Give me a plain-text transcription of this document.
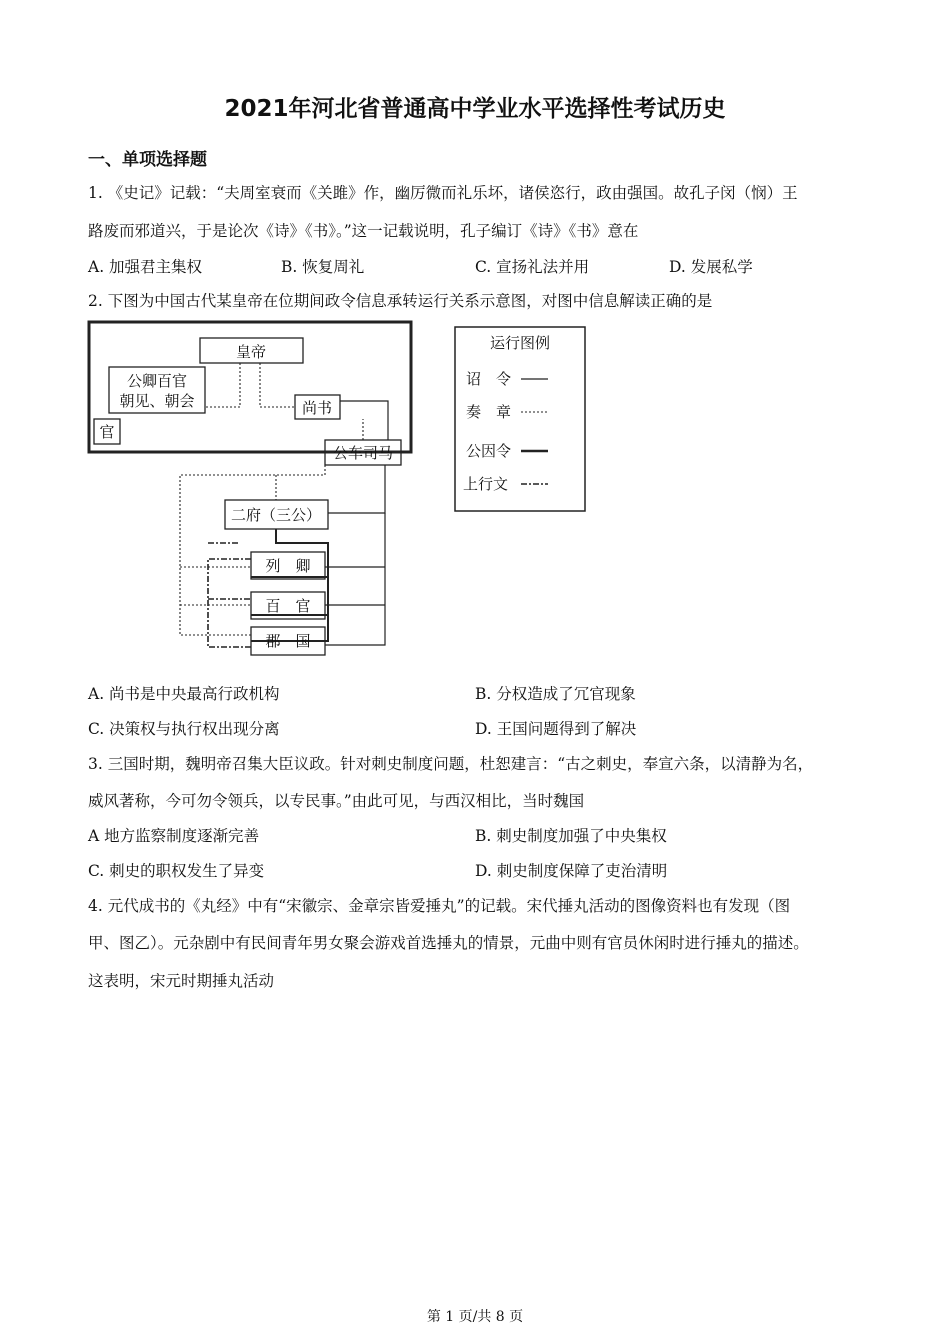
2021年河北省普通高中学业水平选择性考试历史
一、单项选择题
1. 《史记》记载：“夫周室衰而《关雎》作，幽厉微而礼乐坏，诸侯恣行，政由强国。故孔子闵（悯）王
路废而邪道兴，于是论次《诗》《书》。”这一记载说明，孔子编订《诗》《书》意在
A. 加强君主集权	B. 恢复周礼	C. 宣扬礼法并用	D. 发展私学
2. 下图为中国古代某皇帝在位期间政令信息承转运行关系示意图，对图中信息解读正确的是
皇帝
公卿百官
朝见、朝会
官
尚书
公车司马
二府（三公）
列　卿
百　官
郡　国
运行图例
诏　令
奏　章
公因令
上行文
A. 尚书是中央最高行政机构	B. 分权造成了冗官现象
C. 决策权与执行权出现分离	D. 王国问题得到了解决
3. 三国时期，魏明帝召集大臣议政。针对刺史制度问题，杜恕建言：“古之刺史，奉宣六条，以清静为名，
威风著称，今可勿令领兵，以专民事。”由此可见，与西汉相比，当时魏国
A 地方监察制度逐渐完善	B. 刺史制度加强了中央集权
C. 刺史的职权发生了异变	D. 刺史制度保障了吏治清明
4. 元代成书的《丸经》中有“宋徽宗、金章宗皆爱捶丸”的记载。宋代捶丸活动的图像资料也有发现（图
甲、图乙）。元杂剧中有民间青年男女聚会游戏首选捶丸的情景，元曲中则有官员休闲时进行捶丸的描述。
这表明，宋元时期捶丸活动
第 1 页/共 8 页
